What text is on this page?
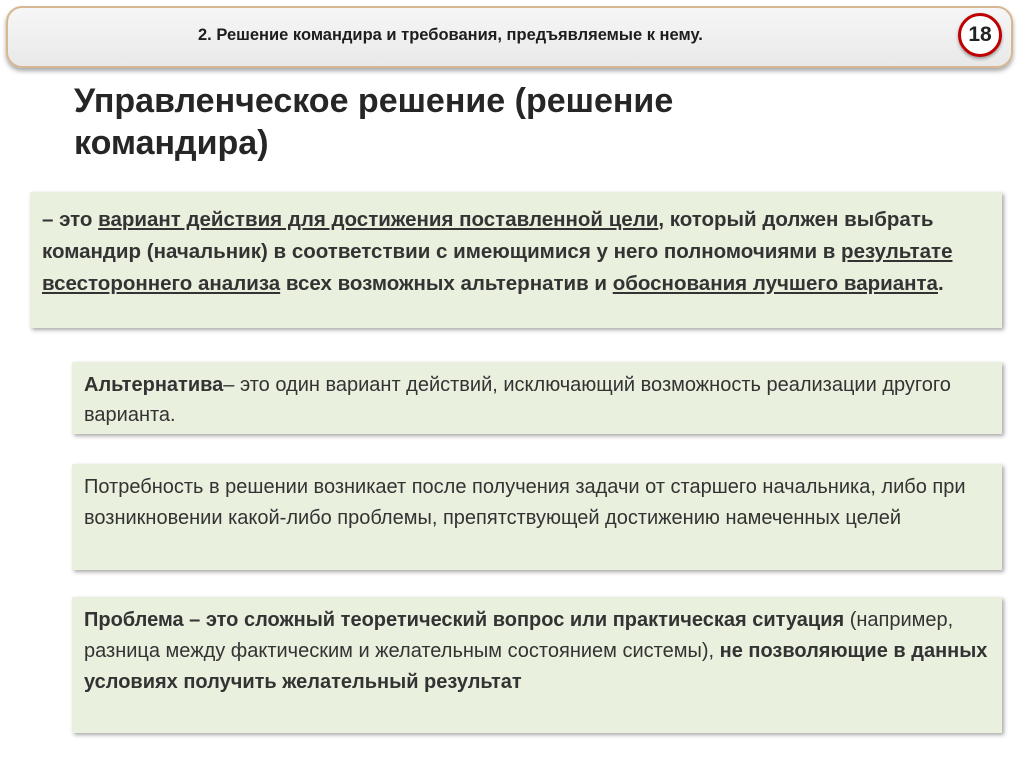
2. Решение командира и требования, предъявляемые к нему.	18
Управленческое решение (решение командира)
– это вариант действия для достижения поставленной цели, который должен выбрать командир (начальник) в соответствии с имеющимися у него полномочиями в результате всестороннего анализа всех возможных альтернатив и обоснования лучшего варианта.
Альтернатива– это один вариант действий, исключающий возможность реализации другого варианта.
Потребность в решении возникает после получения задачи от старшего начальника, либо при возникновении какой-либо проблемы, препятствующей достижению намеченных целей
Проблема – это сложный теоретический вопрос или практическая ситуация (например, разница между фактическим и желательным состоянием системы), не позволяющие в данных условиях получить желательный результат
